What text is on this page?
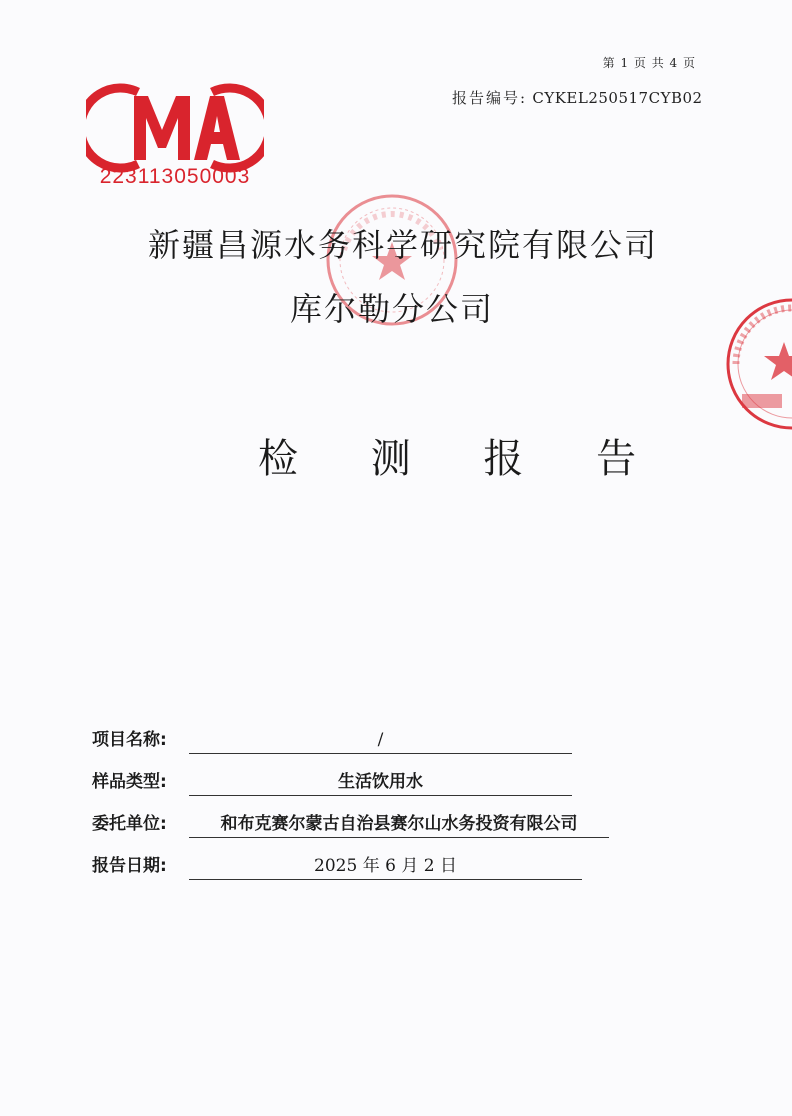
第 1 页 共 4 页
报告编号: CYKEL250517CYB02
223113050003
新疆昌源水务科学研究院有限公司
库尔勒分公司
检 测 报 告
项目名称:	/
样品类型:	生活饮用水
委托单位:	和布克赛尔蒙古自治县赛尔山水务投资有限公司
报告日期:	2025 年 6 月 2 日
